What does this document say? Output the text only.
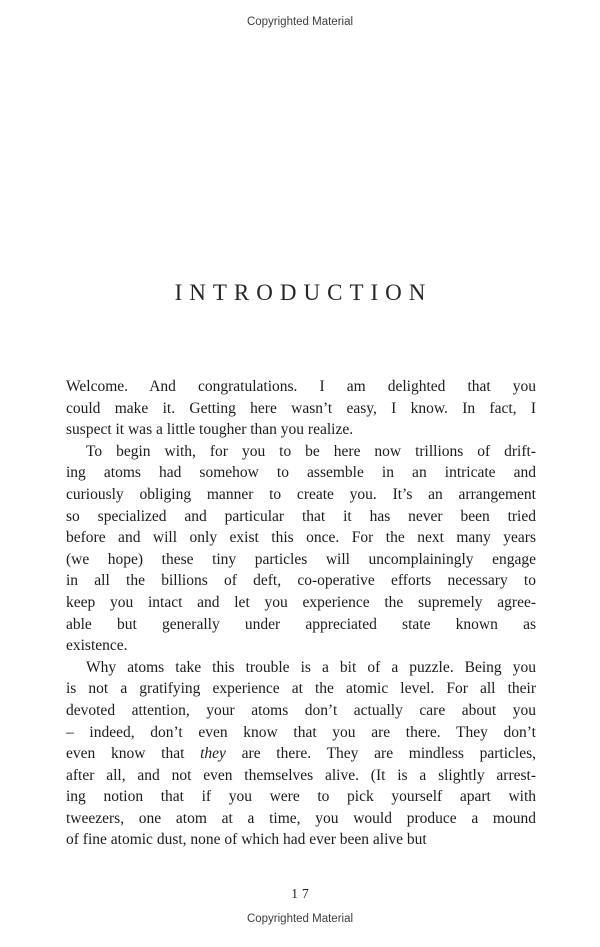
Copyrighted Material
INTRODUCTION

Welcome. And congratulations. I am delighted that you
could make it. Getting here wasn’t easy, I know. In fact, I
suspect it was a little tougher than you realize.

To begin with, for you to be here now trillions of drift-
ing atoms had somehow to assemble in an intricate and
curiously obliging manner to create you. It’s an arrangement
so specialized and particular that it has never been tried
before and will only exist this once. For the next many years
(we hope) these tiny particles will uncomplainingly engage
in all the billions of deft, co-operative efforts necessary to
keep you intact and let you experience the supremely agree-
able but generally under appreciated state known as
existence.

Why atoms take this trouble is a bit of a puzzle. Being you
is not a gratifying experience at the atomic level. For all their
devoted attention, your atoms don’t actually care about you
– indeed, don’t even know that you are there. They don’t
even know that they are there. They are mindless particles,
after all, and not even themselves alive. (It is a slightly arrest-
ing notion that if you were to pick yourself apart with
tweezers, one atom at a time, you would produce a mound
of fine atomic dust, none of which had ever been alive but

17
Copyrighted Material
